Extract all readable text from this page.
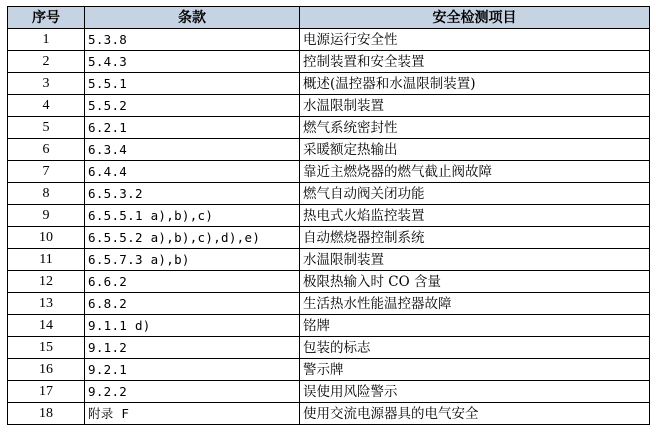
序号	条款	安全检测项目
1	5.3.8	电源运行安全性
2	5.4.3	控制装置和安全装置
3	5.5.1	概述(温控器和水温限制装置)
4	5.5.2	水温限制装置
5	6.2.1	燃气系统密封性
6	6.3.4	采暖额定热输出
7	6.4.4	靠近主燃烧器的燃气截止阀故障
8	6.5.3.2	燃气自动阀关闭功能
9	6.5.5.1 a),b),c)	热电式火焰监控装置
10	6.5.5.2 a),b),c),d),e)	自动燃烧器控制系统
11	6.5.7.3 a),b)	水温限制装置
12	6.6.2	极限热输入时 CO 含量
13	6.8.2	生活热水性能温控器故障
14	9.1.1 d)	铭牌
15	9.1.2	包装的标志
16	9.2.1	警示牌
17	9.2.2	误使用风险警示
18	附录 F	使用交流电源器具的电气安全
